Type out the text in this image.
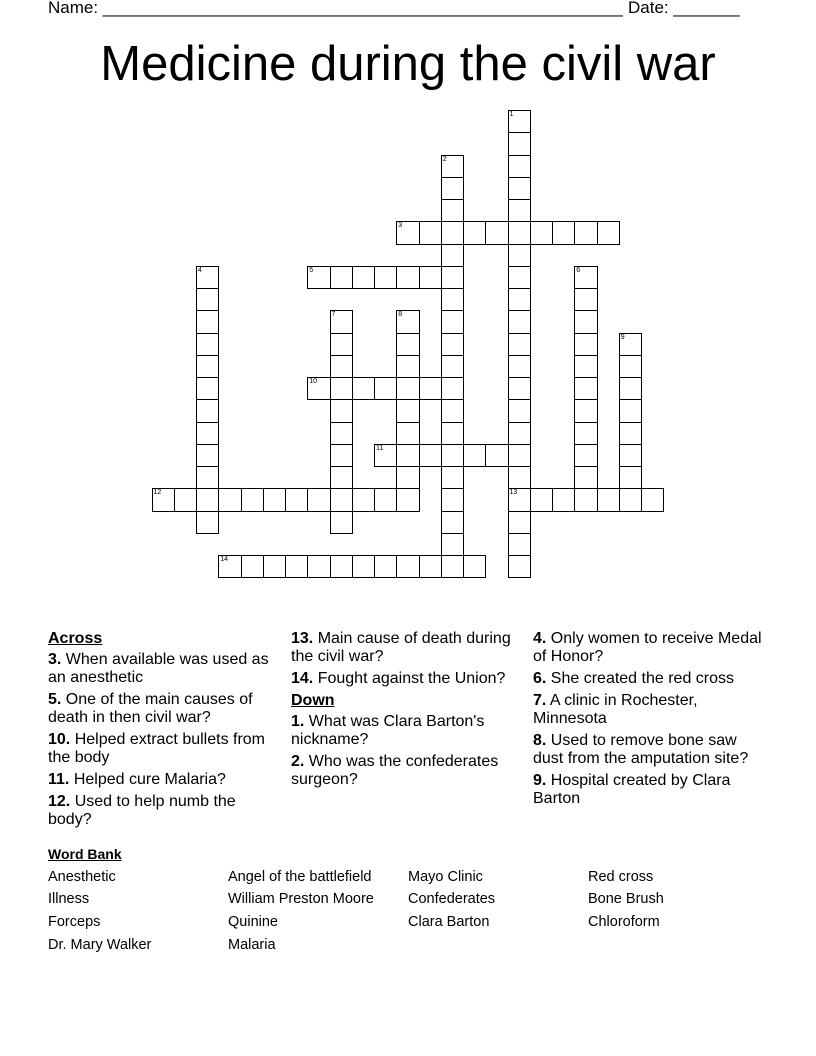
Name: _______________________________________________________ Date: _______
Medicine during the civil war
1
13
2
3
4	5	6
7	8
9
10
11
12
14
Across
3. When available was used as an anesthetic
5. One of the main causes of death in then civil war?
10. Helped extract bullets from the body
11. Helped cure Malaria?
12. Used to help numb the body?
13. Main cause of death during the civil war?
14. Fought against the Union?
Down
1. What was Clara Barton's nickname?
2. Who was the confederates surgeon?
4. Only women to receive Medal of Honor?
6. She created the red cross
7. A clinic in Rochester, Minnesota
8. Used to remove bone saw dust from the amputation site?
9. Hospital created by Clara Barton
Word Bank
Anesthetic
Illness
Forceps
Dr. Mary Walker
Angel of the battlefield
William Preston Moore
Quinine
Malaria
Mayo Clinic
Confederates
Clara Barton
Red cross
Bone Brush
Chloroform
